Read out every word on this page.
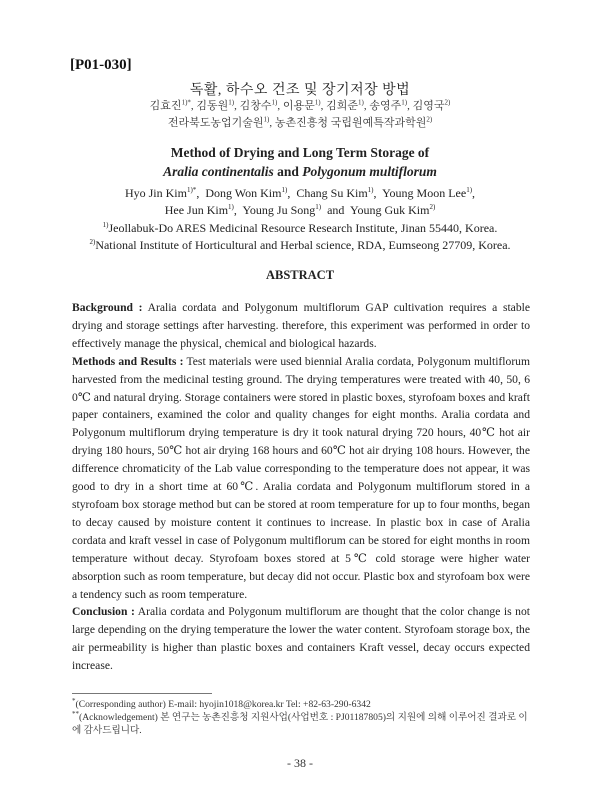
[P01-030]
독활, 하수오 건조 및 장기저장 방법
김효진$^{1)*}$, 김동원$^{1)}$, 김창수$^{1)}$, 이용문$^{1)}$, 김희준$^{1)}$, 송영주$^{1)}$, 김영국$^{2)}$
전라북도농업기술원$^{1)}$, 농촌진흥청 국립원예특작과학원$^{2)}$
Method of Drying and Long Term Storage of
Aralia continentalis and Polygonum multiflorum
Hyo Jin Kim$^{1)*}$,  Dong Won Kim$^{1)}$,  Chang Su Kim$^{1)}$,  Young Moon Lee$^{1)}$,
Hee Jun Kim$^{1)}$,  Young Ju Song$^{1)}$ and Young Guk Kim$^{2)}$
$^{1)}$Jeollabuk-Do ARES Medicinal Resource Research Institute, Jinan 55440, Korea.
$^{2)}$National Institute of Horticultural and Herbal science, RDA, Eumseong 27709, Korea.
ABSTRACT

Background : Aralia cordata and Polygonum multiflorum GAP cultivation requires a stable drying and storage settings after harvesting. therefore, this experiment was performed in order to effectively manage the physical, chemical and biological hazards.

Methods and Results : Test materials were used biennial Aralia cordata, Polygonum multiflorum harvested from the medicinal testing ground. The drying temperatures were treated with 40, 50, 6 0℃ and natural drying. Storage containers were stored in plastic boxes, styrofoam boxes and kraft paper containers, examined the color and quality changes for eight months. Aralia cordata and Polygonum multiflorum drying temperature is dry it took natural drying 720 hours, 40℃ hot air drying 180 hours, 50℃ hot air drying 168 hours and 60℃ hot air drying 108 hours. However, the difference chromaticity of the Lab value corresponding to the temperature does not appear, it was good to dry in a short time at 60℃. Aralia cordata and Polygonum multiflorum stored in a styrofoam box storage method but can be stored at room temperature for up to four months, began to decay caused by moisture content it continues to increase. In plastic box in case of Aralia cordata and kraft vessel in case of Polygonum multiflorum can be stored for eight months in room temperature without decay. Styrofoam boxes stored at 5℃ cold storage were higher water absorption such as room temperature, but decay did not occur. Plastic box and styrofoam box were a tendency such as room temperature.

Conclusion : Aralia cordata and Polygonum multiflorum are thought that the color change is not large depending on the drying temperature the lower the water content. Styrofoam storage box, the air permeability is higher than plastic boxes and containers Kraft vessel, decay occurs expected increase.

*(Corresponding author) E-mail: hyojin1018@korea.kr Tel: +82-63-290-6342
**(Acknowledgement) 본 연구는 농촌진흥청 지원사업(사업번호 : PJ01187805)의 지원에 의해 이루어진 결과로 이에 감사드립니다.
- 38 -
